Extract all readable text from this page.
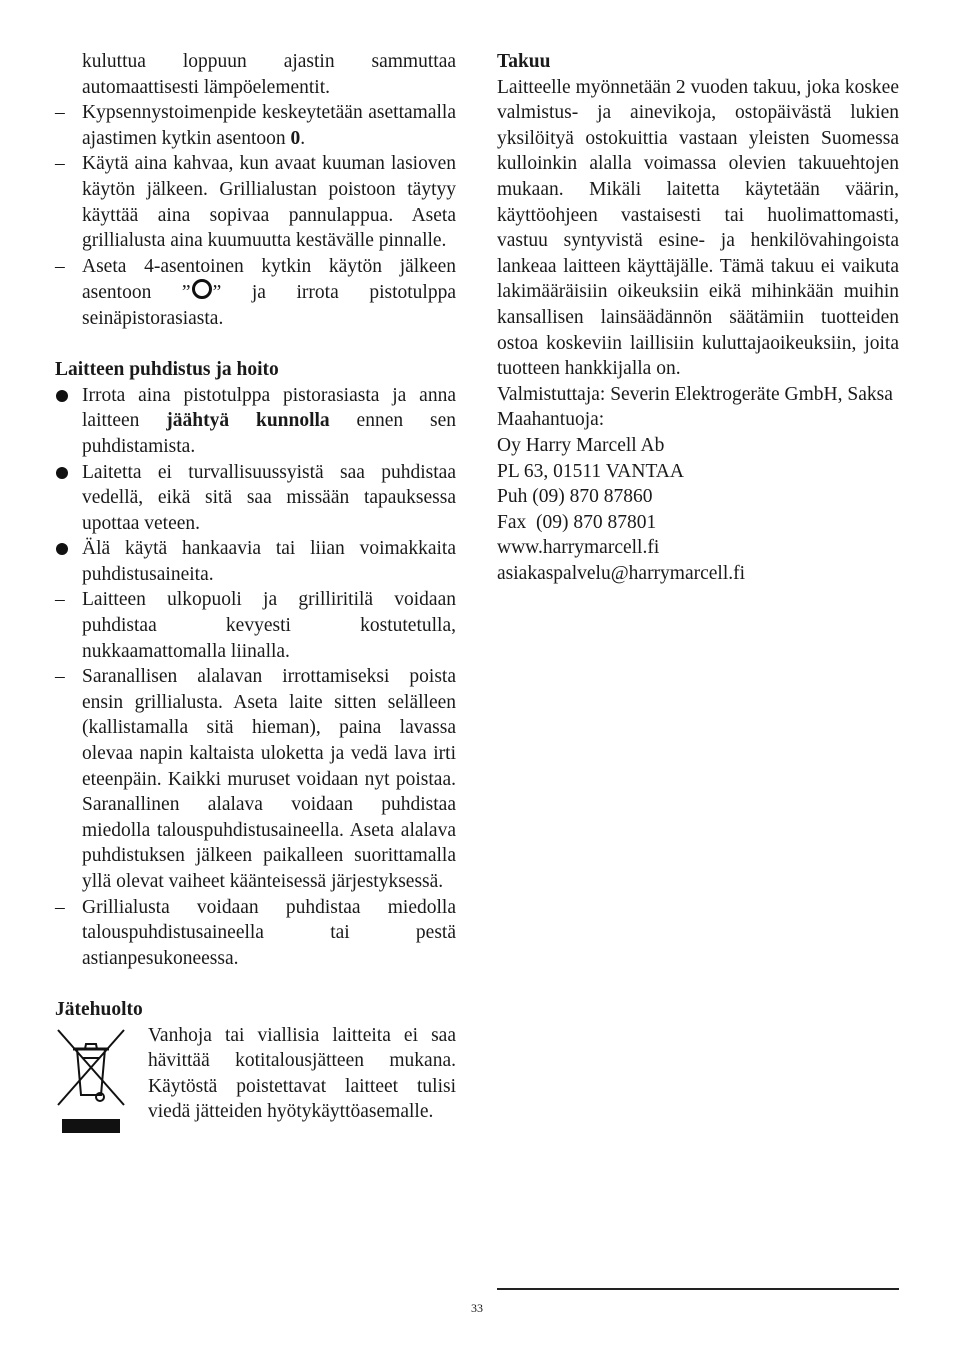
kuluttua loppuun ajastin sammuttaa automaattisesti lämpöelementit.

– Kypsennystoimenpide keskeytetään asettamalla ajastimen kytkin asentoon 0.
– Käytä aina kahvaa, kun avaat kuuman lasioven käytön jälkeen. Grillialustan poistoon täytyy käyttää aina sopivaa pannulappua. Aseta grillialusta aina kuumuutta kestävälle pinnalle.
– Aseta 4-asentoinen kytkin käytön jälkeen asentoon ” ” ja irrota pistotulppa seinäpistorasiasta.

Laitteen puhdistus ja hoito

Irrota aina pistotulppa pistorasiasta ja anna laitteen jäähtyä kunnolla ennen sen puhdistamista.
Laitetta ei turvallisuussyistä saa puhdistaa vedellä, eikä sitä saa missään tapauksessa upottaa veteen.
Älä käytä hankaavia tai liian voimakkaita puhdistusaineita.
– Laitteen ulkopuoli ja grilliritilä voidaan puhdistaa kevyesti kostutetulla, nukkaamattomalla liinalla.
– Saranallisen alalavan irrottamiseksi poista ensin grillialusta. Aseta laite sitten selälleen (kallistamalla sitä hieman), paina lavassa olevaa napin kaltaista uloketta ja vedä lava irti eteenpäin. Kaikki muruset voidaan nyt poistaa. Saranallinen alalava voidaan puhdistaa miedolla talouspuhdistusaineella. Aseta alalava puhdistuksen jälkeen paikalleen suorittamalla yllä olevat vaiheet käänteisessä järjestyksessä.
– Grillialusta voidaan puhdistaa miedolla talouspuhdistusaineella tai pestä astianpesukoneessa.

Jätehuolto

Vanhoja tai viallisia laitteita ei saa hävittää kotitalousjätteen mukana. Käytöstä poistettavat laitteet tulisi viedä jätteiden hyötykäyttöasemalle.

Takuu

Laitteelle myönnetään 2 vuoden takuu, joka koskee valmistus- ja ainevikoja, ostopäivästä lukien yksilöityä ostokuittia vastaan yleisten Suomessa kulloinkin alalla voimassa olevien takuuehtojen mukaan. Mikäli laitetta käytetään väärin, käyttöohjeen vastaisesti tai huolimattomasti, vastuu syntyvistä esine- ja henkilövahingoista lankeaa laitteen käyttäjälle. Tämä takuu ei vaikuta lakimääräisiin oikeuksiin eikä mihinkään muihin kansallisen lainsäädännön säätämiin tuotteiden ostoa koskeviin laillisiin kuluttajaoikeuksiin, joita tuotteen hankkijalla on.

Valmistuttaja: Severin Elektrogeräte GmbH, Saksa

Maahantuoja:

Oy Harry Marcell Ab

PL 63, 01511 VANTAA

Puh (09) 870 87860

Fax  (09) 870 87801

www.harrymarcell.fi

asiakaspalvelu@harrymarcell.fi

33
